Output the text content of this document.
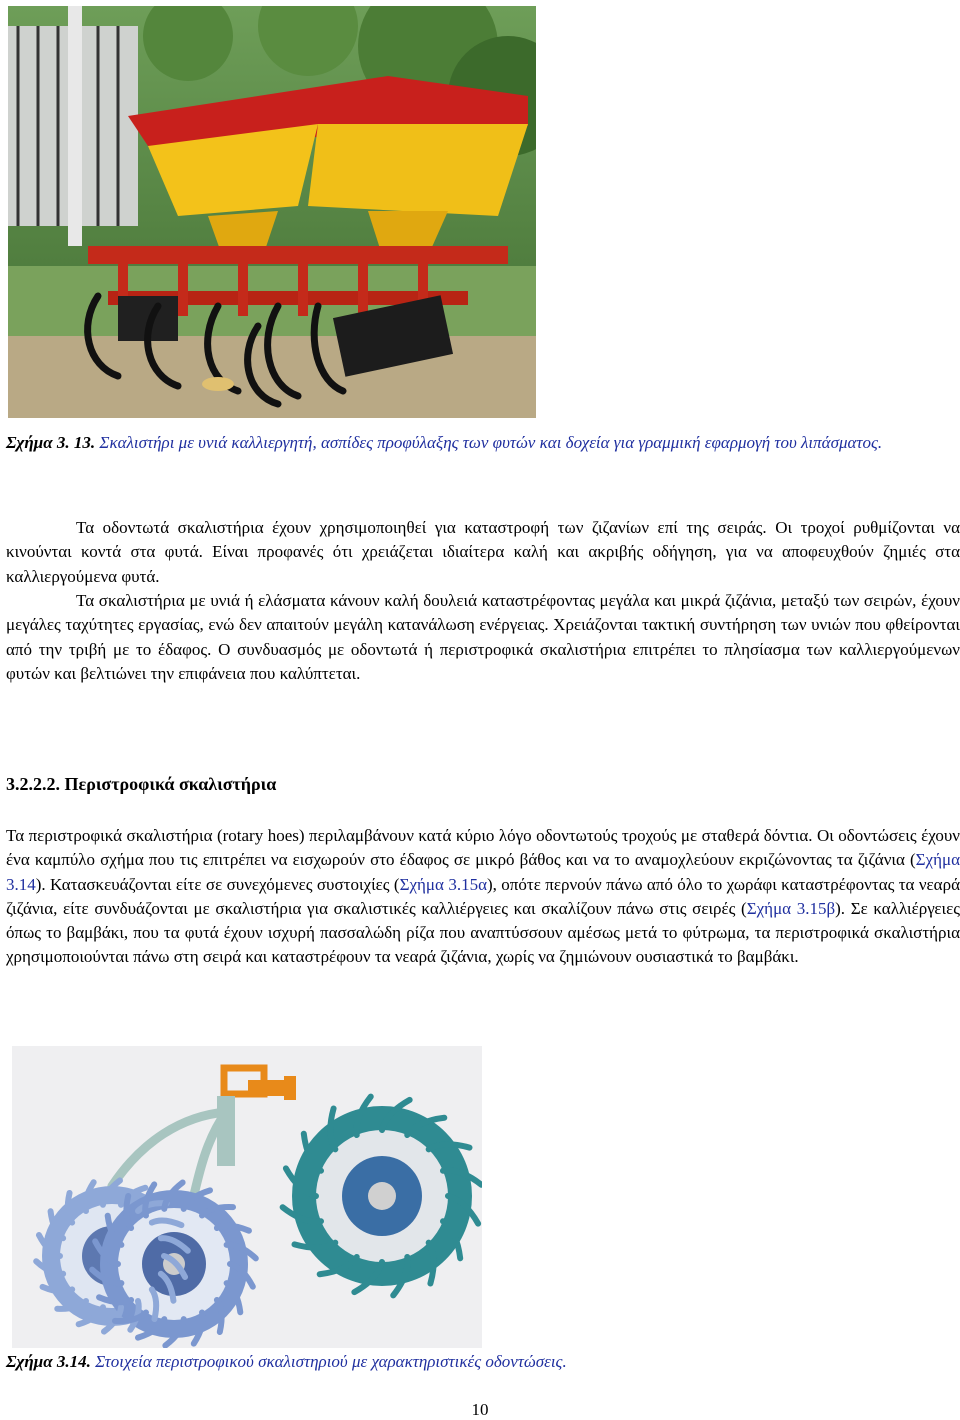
Σχήμα 3. 13. Σκαλιστήρι με υνιά καλλιεργητή, ασπίδες προφύλαξης των φυτών και δοχεία για γραμμική εφαρμογή του λιπάσματος.

Τα οδοντωτά σκαλιστήρια έχουν χρησιμοποιηθεί για καταστροφή των ζιζανίων επί της σειράς. Οι τροχοί ρυθμίζονται να κινούνται κοντά στα φυτά. Είναι προφανές ότι χρειάζεται ιδιαίτερα καλή και ακριβής οδήγηση, για να αποφευχθούν ζημιές στα καλλιεργούμενα φυτά.

Τα σκαλιστήρια με υνιά ή ελάσματα κάνουν καλή δουλειά καταστρέφοντας μεγάλα και μικρά ζιζάνια, μεταξύ των σειρών, έχουν μεγάλες ταχύτητες εργασίας, ενώ δεν απαιτούν μεγάλη κατανάλωση ενέργειας. Χρειάζονται τακτική συντήρηση των υνιών που φθείρονται από την τριβή με το έδαφος. Ο συνδυασμός με οδοντωτά ή περιστροφικά σκαλιστήρια επιτρέπει το πλησίασμα των καλλιεργούμενων φυτών και βελτιώνει την επιφάνεια που καλύπτεται.

3.2.2.2. Περιστροφικά σκαλιστήρια

Τα περιστροφικά σκαλιστήρια (rotary hoes) περιλαμβάνουν κατά κύριο λόγο οδοντωτούς τροχούς με σταθερά δόντια. Οι οδοντώσεις έχουν ένα καμπύλο σχήμα που τις επιτρέπει να εισχωρούν στο έδαφος σε μικρό βάθος και να το αναμοχλεύουν εκριζώνοντας τα ζιζάνια (Σχήμα 3.14). Κατασκευάζονται είτε σε συνεχόμενες συστοιχίες (Σχήμα 3.15α), οπότε περνούν πάνω από όλο το χωράφι καταστρέφοντας τα νεαρά ζιζάνια, είτε συνδυάζονται με σκαλιστήρια για σκαλιστικές καλλιέργειες και σκαλίζουν πάνω στις σειρές (Σχήμα 3.15β). Σε καλλιέργειες όπως το βαμβάκι, που τα φυτά έχουν ισχυρή πασσαλώδη ρίζα που αναπτύσσουν αμέσως μετά το φύτρωμα, τα περιστροφικά σκαλιστήρια χρησιμοποιούνται πάνω στη σειρά και καταστρέφουν τα νεαρά ζιζάνια, χωρίς να ζημιώνουν ουσιαστικά το βαμβάκι.

Σχήμα 3.14. Στοιχεία περιστροφικού σκαλιστηριού με χαρακτηριστικές οδοντώσεις.
10
